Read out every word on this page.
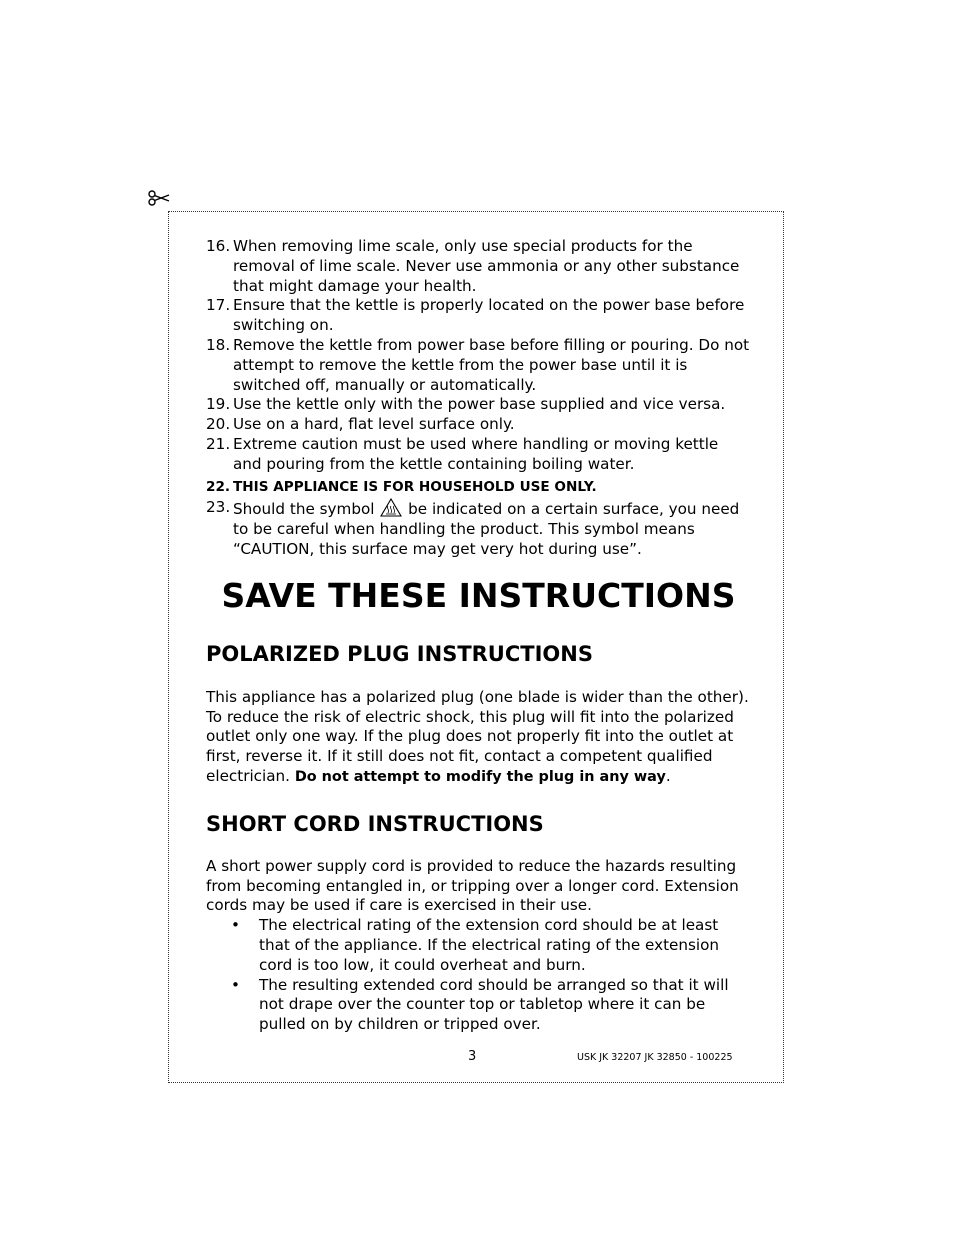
16. When removing lime scale, only use special products for the removal of lime scale. Never use ammonia or any other substance that might damage your health.
17. Ensure that the kettle is properly located on the power base before switching on.
18. Remove the kettle from power base before filling or pouring. Do not attempt to remove the kettle from the power base until it is switched off, manually or automatically.
19. Use the kettle only with the power base supplied and vice versa.
20. Use on a hard, flat level surface only.
21. Extreme caution must be used where handling or moving kettle and pouring from the kettle containing boiling water.
22. THIS APPLIANCE IS FOR HOUSEHOLD USE ONLY.
23. Should the symbol be indicated on a certain surface, you need to be careful when handling the product. This symbol means “CAUTION, this surface may get very hot during use”.
SAVE THESE INSTRUCTIONS
POLARIZED PLUG INSTRUCTIONS

This appliance has a polarized plug (one blade is wider than the other). To reduce the risk of electric shock, this plug will fit into the polarized outlet only one way. If the plug does not properly fit into the outlet at first, reverse it. If it still does not fit, contact a competent qualified electrician. Do not attempt to modify the plug in any way.

SHORT CORD INSTRUCTIONS

A short power supply cord is provided to reduce the hazards resulting from becoming entangled in, or tripping over a longer cord. Extension cords may be used if care is exercised in their use.

• The electrical rating of the extension cord should be at least that of the appliance. If the electrical rating of the extension cord is too low, it could overheat and burn.
• The resulting extended cord should be arranged so that it will not drape over the counter top or tabletop where it can be pulled on by children or tripped over.
3	USK JK 32207 JK 32850 - 100225
